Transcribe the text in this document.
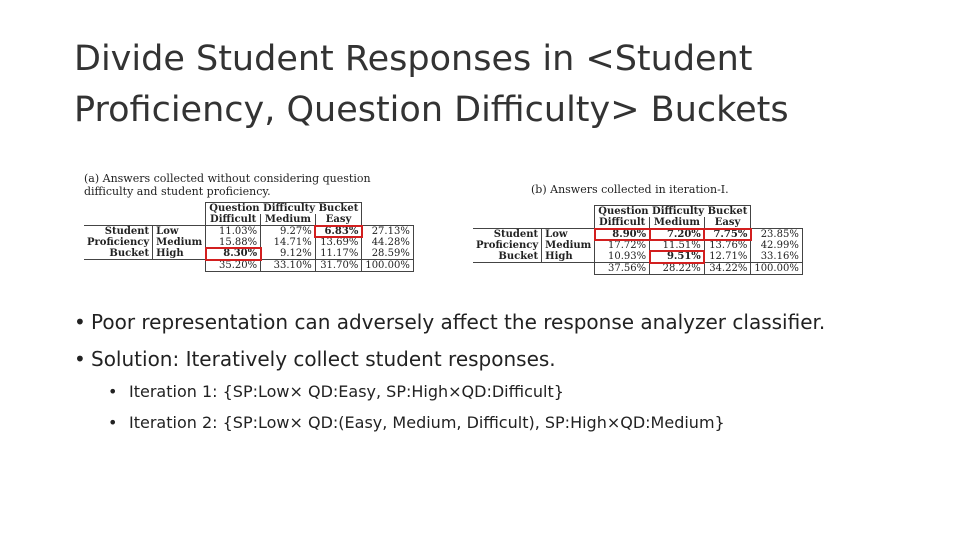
Divide Student Responses in <Student Proficiency, Question Difficulty> Buckets
(a) Answers collected without considering question difficulty and student proficiency.
		Question Difficulty Bucket			
		Difficult	Medium	Easy	
Student	Low	11.03%	9.27%	6.83%	27.13%
Proficiency	Medium	15.88%	14.71%	13.69%	44.28%
Bucket	High	8.30%	9.12%	11.17%	28.59%
		35.20%	33.10%	31.70%	100.00%
(b) Answers collected in iteration-I.
		Question Difficulty Bucket			
		Difficult	Medium	Easy	
Student	Low	8.90%	7.20%	7.75%	23.85%
Proficiency	Medium	17.72%	11.51%	13.76%	42.99%
Bucket	High	10.93%	9.51%	12.71%	33.16%
		37.56%	28.22%	34.22%	100.00%
• Poor representation can adversely affect the response analyzer classifier.
• Solution: Iteratively collect student responses.
• Iteration 1: {SP:Low× QD:Easy, SP:High×QD:Difficult}
• Iteration 2: {SP:Low× QD:(Easy, Medium, Difficult), SP:High×QD:Medium}
